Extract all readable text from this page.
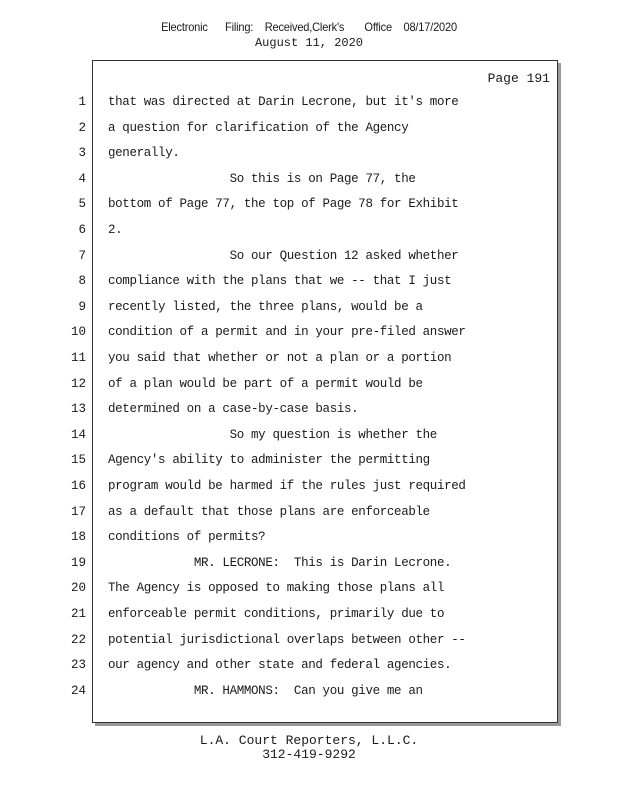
Electronic      Filing:    Received,Clerk's       Office    08/17/2020
August 11, 2020
Page 191
1 that was directed at Darin Lecrone, but it's more
2 a question for clarification of the Agency
3 generally.
4 So this is on Page 77, the
5 bottom of Page 77, the top of Page 78 for Exhibit
6 2.
7 So our Question 12 asked whether
8 compliance with the plans that we -- that I just
9 recently listed, the three plans, would be a
10 condition of a permit and in your pre-filed answer
11 you said that whether or not a plan or a portion
12 of a plan would be part of a permit would be
13 determined on a case-by-case basis.
14 So my question is whether the
15 Agency's ability to administer the permitting
16 program would be harmed if the rules just required
17 as a default that those plans are enforceable
18 conditions of permits?
19 MR. LECRONE:  This is Darin Lecrone.
20 The Agency is opposed to making those plans all
21 enforceable permit conditions, primarily due to
22 potential jurisdictional overlaps between other --
23 our agency and other state and federal agencies.
24 MR. HAMMONS:  Can you give me an
L.A. Court Reporters, L.L.C.
312-419-9292
